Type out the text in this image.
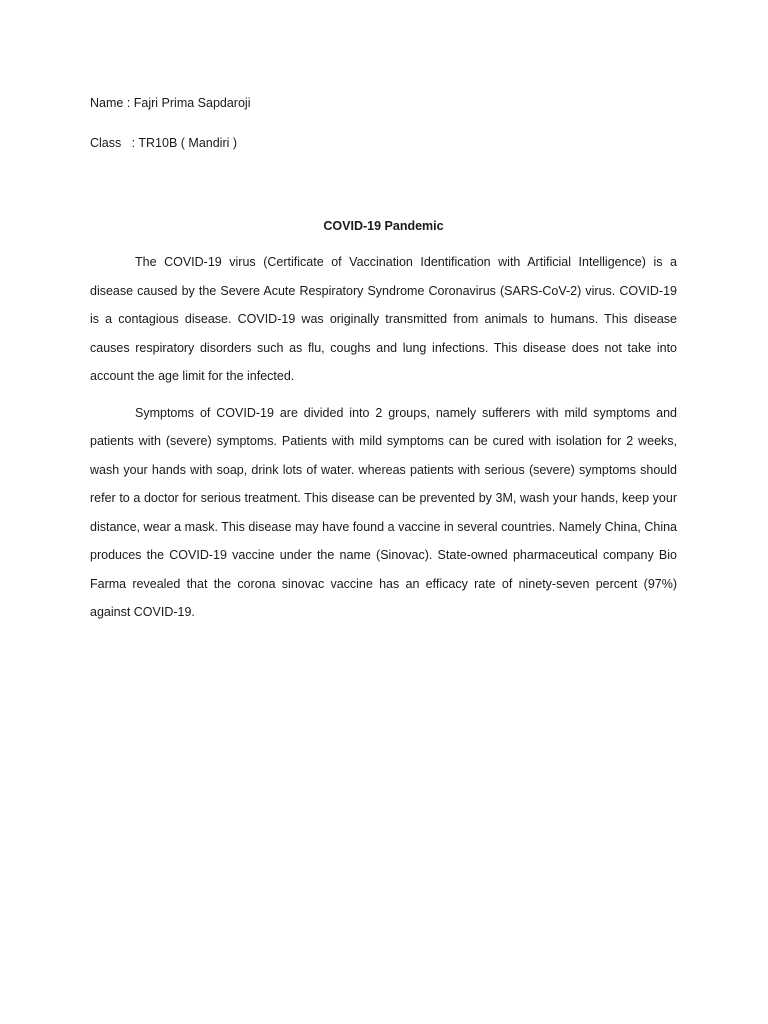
Name : Fajri Prima Sapdaroji

Class   : TR10B ( Mandiri )

COVID-19 Pandemic

The COVID-19 virus (Certificate of Vaccination Identification with Artificial Intelligence) is a disease caused by the Severe Acute Respiratory Syndrome Coronavirus (SARS-CoV-2) virus. COVID-19 is a contagious disease. COVID-19 was originally transmitted from animals to humans. This disease causes respiratory disorders such as flu, coughs and lung infections. This disease does not take into account the age limit for the infected.

Symptoms of COVID-19 are divided into 2 groups, namely sufferers with mild symptoms and patients with (severe) symptoms. Patients with mild symptoms can be cured with isolation for 2 weeks, wash your hands with soap, drink lots of water. whereas patients with serious (severe) symptoms should refer to a doctor for serious treatment. This disease can be prevented by 3M, wash your hands, keep your distance, wear a mask. This disease may have found a vaccine in several countries. Namely China, China produces the COVID-19 vaccine under the name (Sinovac). State-owned pharmaceutical company Bio Farma revealed that the corona sinovac vaccine has an efficacy rate of ninety-seven percent (97%) against COVID-19.
